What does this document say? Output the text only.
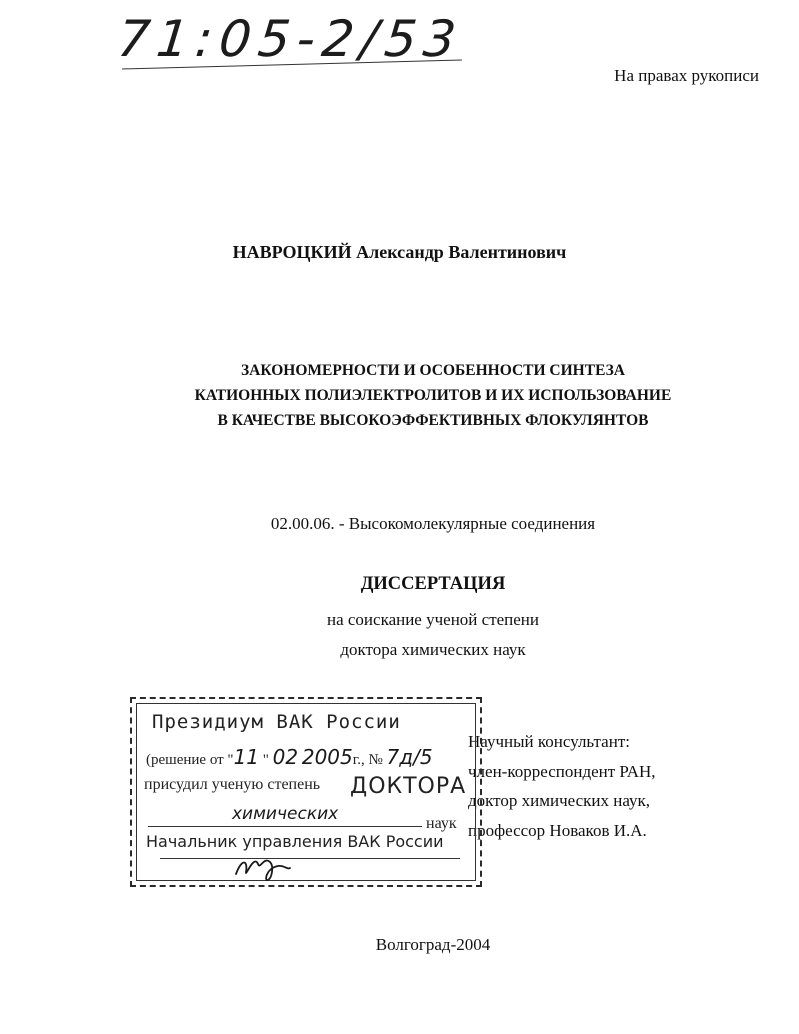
71:05-2/53
На правах рукописи
НАВРОЦКИЙ Александр Валентинович
ЗАКОНОМЕРНОСТИ И ОСОБЕННОСТИ СИНТЕЗА
КАТИОННЫХ ПОЛИЭЛЕКТРОЛИТОВ И ИХ ИСПОЛЬЗОВАНИЕ
В КАЧЕСТВЕ ВЫСОКОЭФФЕКТИВНЫХ ФЛОКУЛЯНТОВ
02.00.06. - Высокомолекулярные соединения
ДИССЕРТАЦИЯ
на соискание ученой степени
доктора химических наук
Научный консультант:
член-корреспондент РАН,
доктор химических наук,
профессор Новаков И.А.
Волгоград-2004
Президиум ВАК России
(решение от "11 " 02 2005г., № 7д/5
присудил ученую степень ДОКТОРА
химических	наук
Начальник управления ВАК России
